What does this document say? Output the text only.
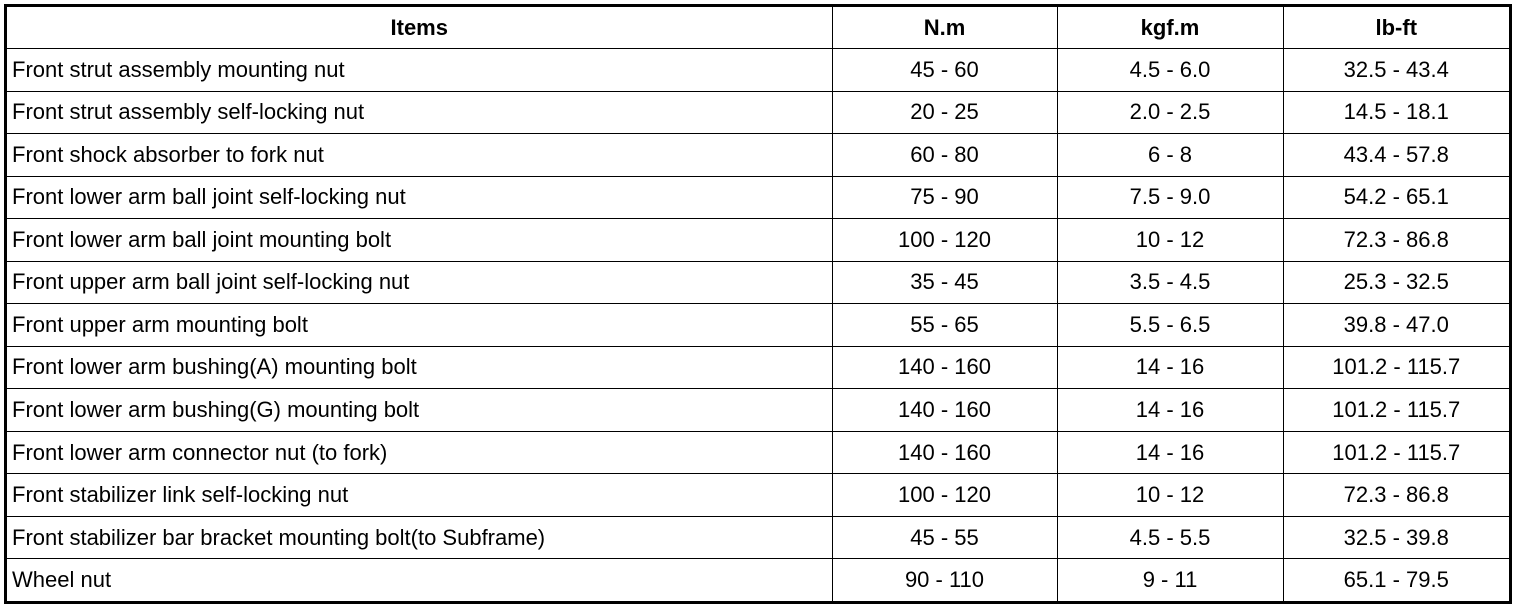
Items	N.m	kgf.m	lb-ft
Front strut assembly mounting nut	45 - 60	4.5 - 6.0	32.5 - 43.4
Front strut assembly self-locking nut	20 - 25	2.0 - 2.5	14.5 - 18.1
Front shock absorber to fork nut	60 - 80	6 - 8	43.4 - 57.8
Front lower arm ball joint self-locking nut	75 - 90	7.5 - 9.0	54.2 - 65.1
Front lower arm ball joint mounting bolt	100 - 120	10 - 12	72.3 - 86.8
Front upper arm ball joint self-locking nut	35 - 45	3.5 - 4.5	25.3 - 32.5
Front upper arm mounting bolt	55 - 65	5.5 - 6.5	39.8 - 47.0
Front lower arm bushing(A) mounting bolt	140 - 160	14 - 16	101.2 - 115.7
Front lower arm bushing(G) mounting bolt	140 - 160	14 - 16	101.2 - 115.7
Front lower arm connector nut (to fork)	140 - 160	14 - 16	101.2 - 115.7
Front stabilizer link self-locking nut	100 - 120	10 - 12	72.3 - 86.8
Front stabilizer bar bracket mounting bolt(to Subframe)	45 - 55	4.5 - 5.5	32.5 - 39.8
Wheel nut	90 - 110	9 - 11	65.1 - 79.5
